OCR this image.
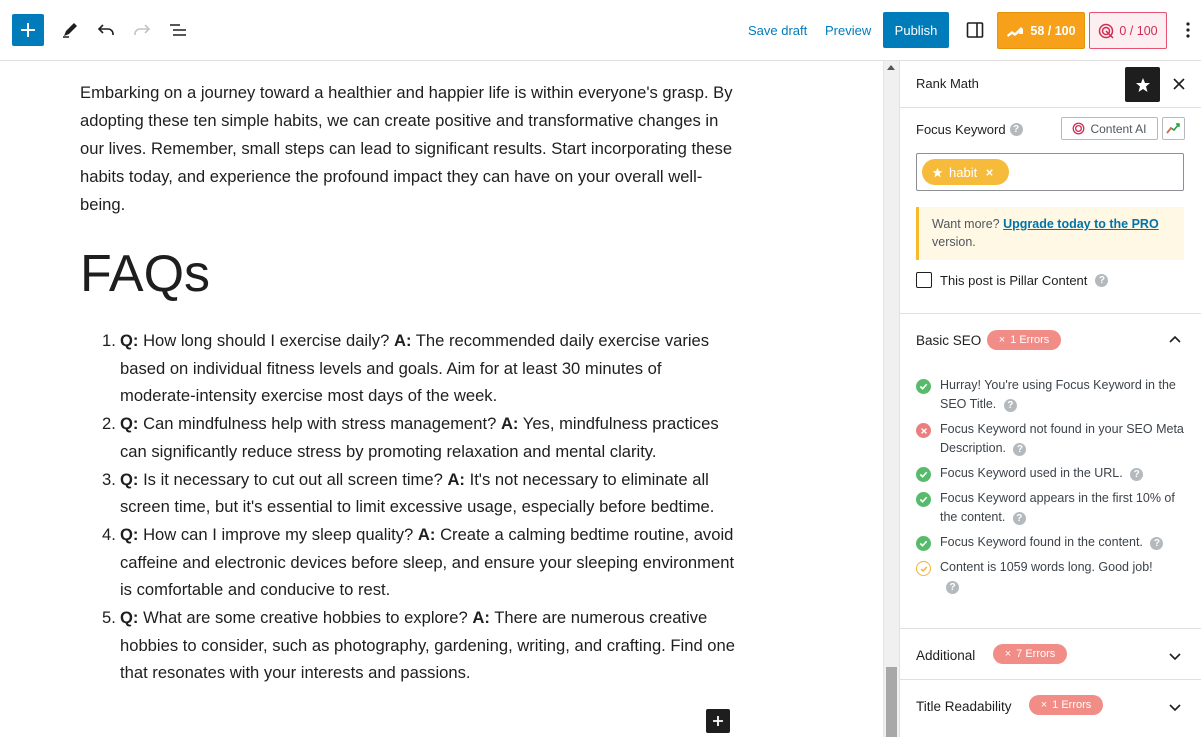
Save draft Preview	Publish	58 / 100	0 / 100

Embarking on a journey toward a healthier and happier life is within everyone's grasp. By adopting these ten simple habits, we can create positive and transformative changes in our lives. Remember, small steps can lead to significant results. Start incorporating these habits today, and experience the profound impact they can have on your overall well-being.

FAQs
1. Q: How long should I exercise daily? A: The recommended daily exercise varies based on individual fitness levels and goals. Aim for at least 30 minutes of moderate-intensity exercise most days of the week.
2. Q: Can mindfulness help with stress management? A: Yes, mindfulness practices can significantly reduce stress by promoting relaxation and mental clarity.
3. Q: Is it necessary to cut out all screen time? A: It's not necessary to eliminate all screen time, but it's essential to limit excessive usage, especially before bedtime.
4. Q: How can I improve my sleep quality? A: Create a calming bedtime routine, avoid caffeine and electronic devices before sleep, and ensure your sleeping environment is comfortable and conducive to rest.
5. Q: What are some creative hobbies to explore? A: There are numerous creative hobbies to consider, such as photography, gardening, writing, and crafting. Find one that resonates with your interests and passions.
Rank Math
Focus Keyword ?	Content AI
habit
Want more? Upgrade today to the PRO
version.
This post is Pillar Content	?
Basic SEO × 1 Errors
Hurray! You're using Focus Keyword in the SEO Title. ?
Focus Keyword not found in your SEO Meta Description. ?
Focus Keyword used in the URL. ?
Focus Keyword appears in the first 10% of the content. ?
Focus Keyword found in the content. ?
Content is 1059 words long. Good job!
?
Additional	× 7 Errors
Title Readability	× 1 Errors
